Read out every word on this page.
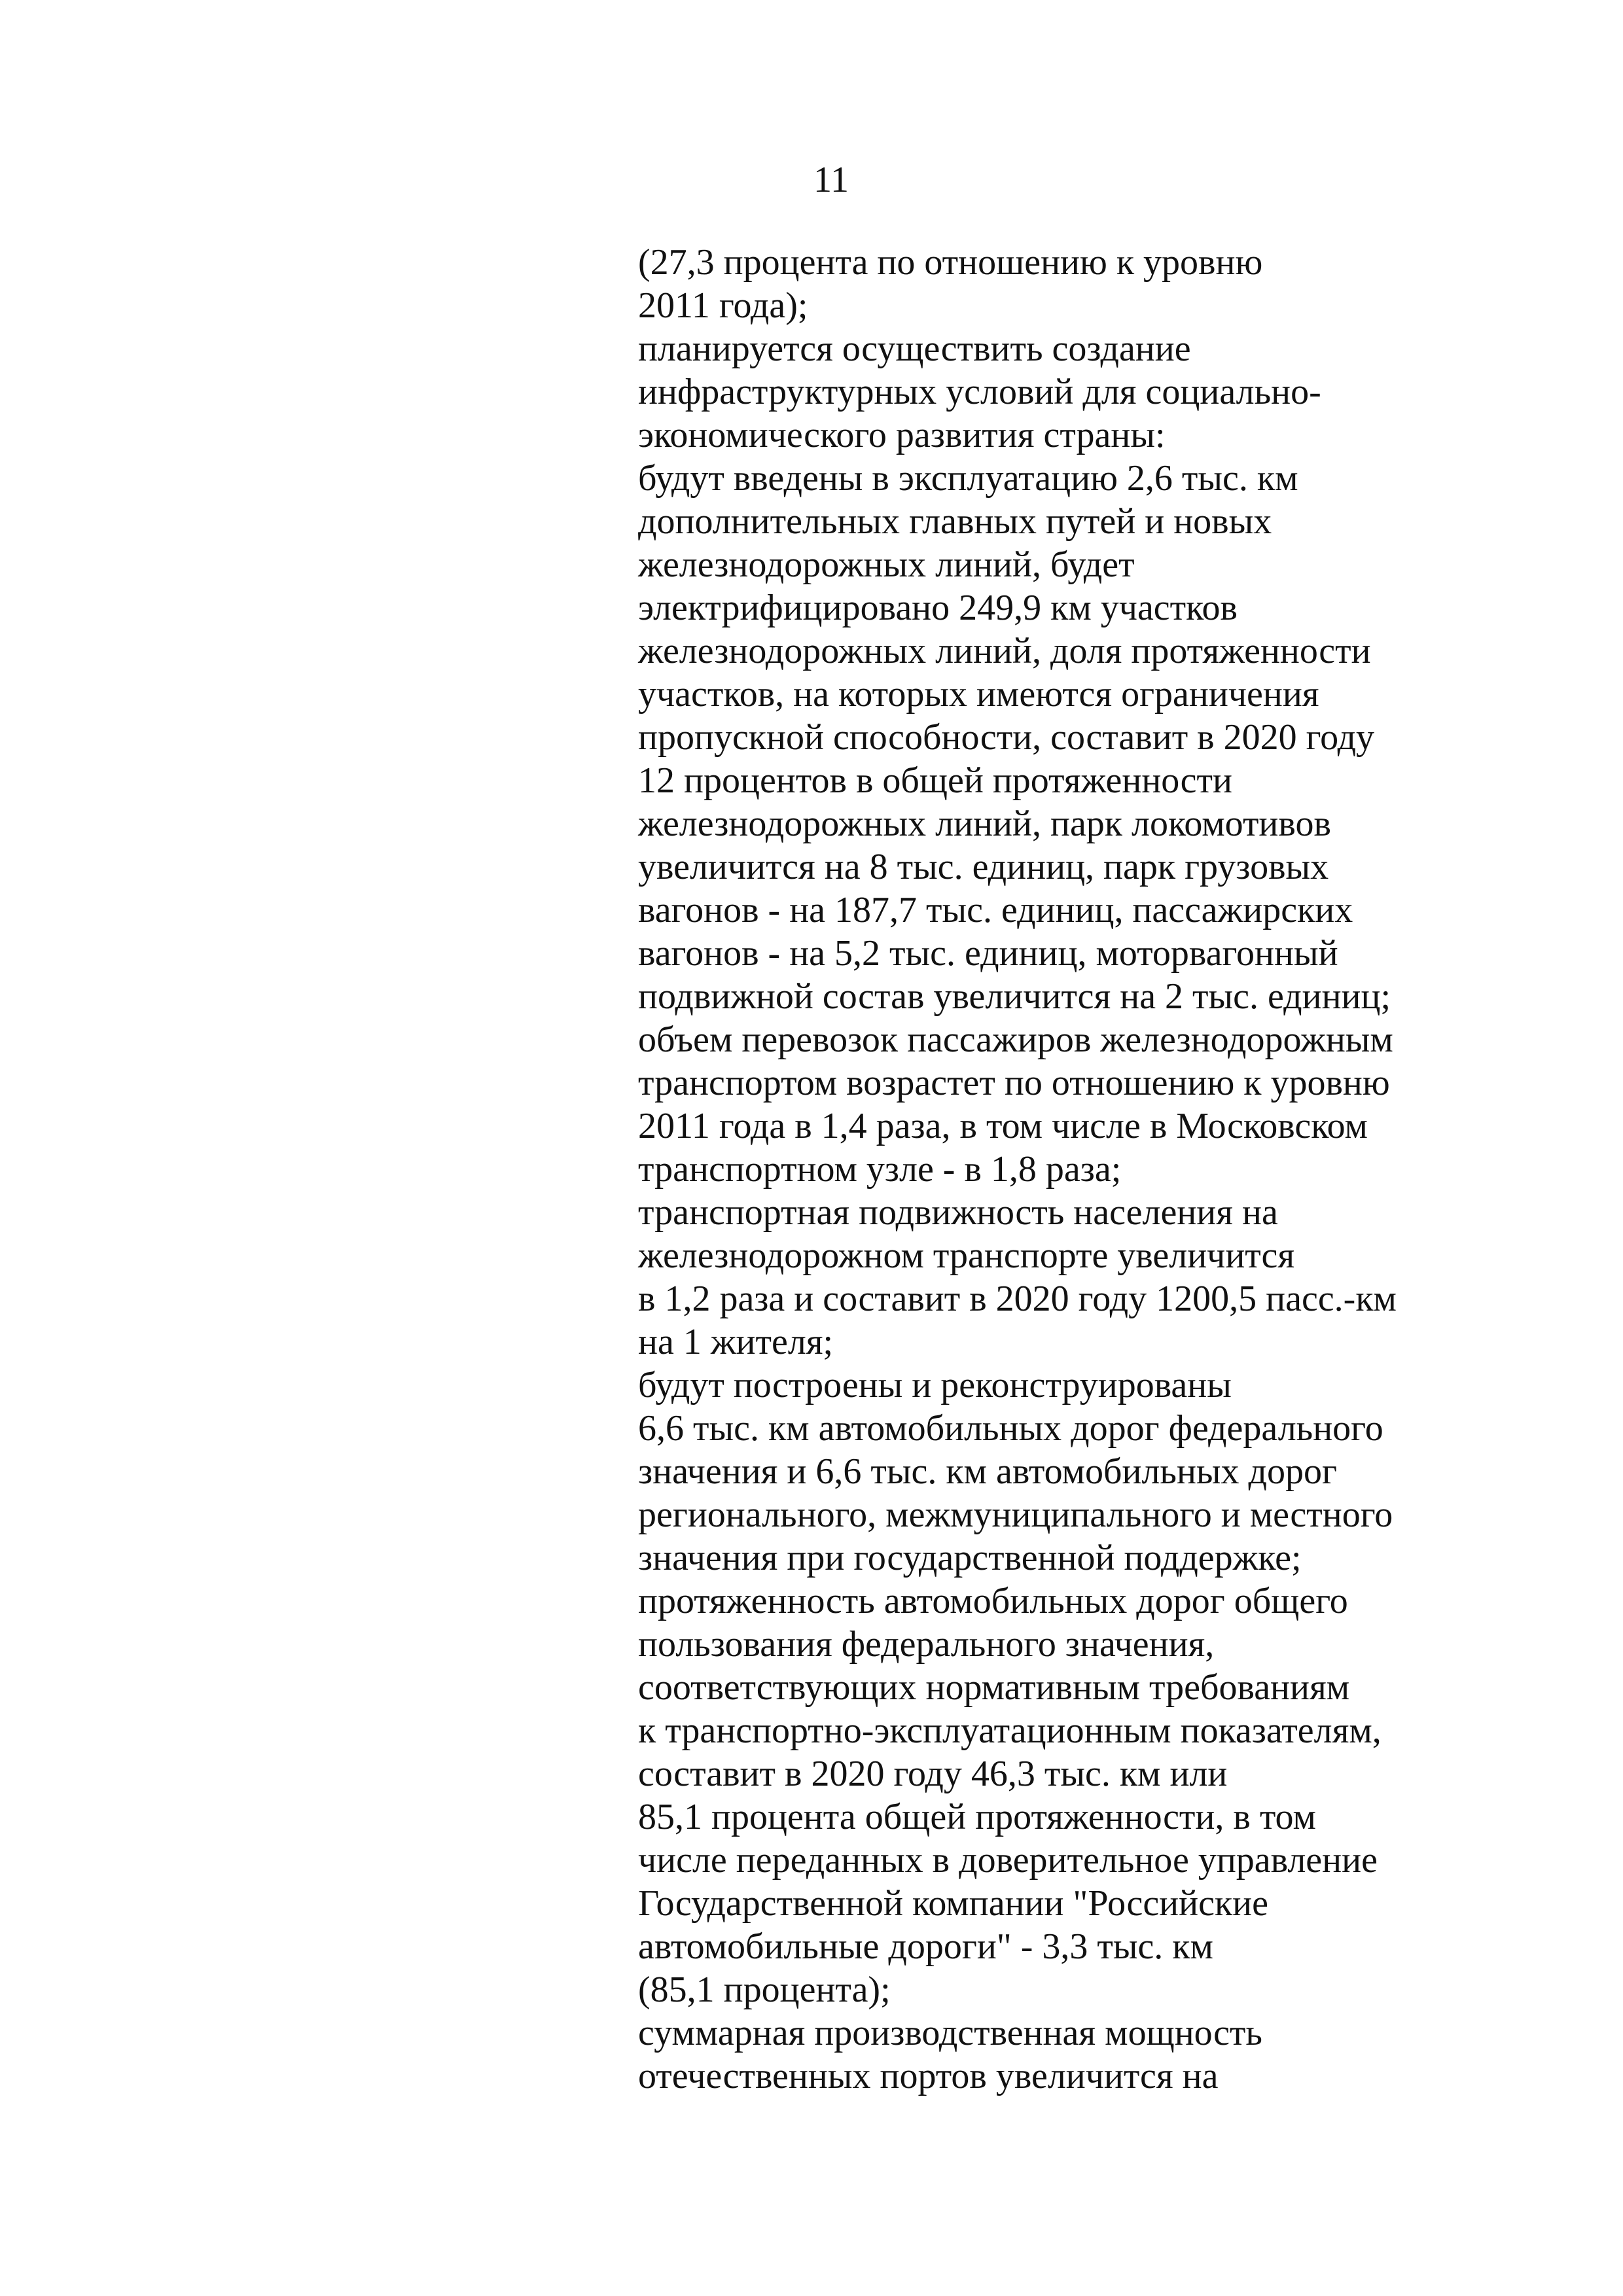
11
(27,3 процента по отношению к уровню
2011 года);
планируется осуществить создание
инфраструктурных условий для социально-
экономического развития страны:
будут введены в эксплуатацию 2,6 тыс. км
дополнительных главных путей и новых
железнодорожных линий, будет
электрифицировано 249,9 км участков
железнодорожных линий, доля протяженности
участков, на которых имеются ограничения
пропускной способности, составит в 2020 году
12 процентов в общей протяженности
железнодорожных линий, парк локомотивов
увеличится на 8 тыс. единиц, парк грузовых
вагонов - на 187,7 тыс. единиц, пассажирских
вагонов - на 5,2 тыс. единиц, моторвагонный
подвижной состав увеличится на 2 тыс. единиц;
объем перевозок пассажиров железнодорожным
транспортом возрастет по отношению к уровню
2011 года в 1,4 раза, в том числе в Московском
транспортном узле - в 1,8 раза;
транспортная подвижность населения на
железнодорожном транспорте увеличится
в 1,2 раза и составит в 2020 году 1200,5 пасс.-км
на 1 жителя;
будут построены и реконструированы
6,6 тыс. км автомобильных дорог федерального
значения и 6,6 тыс. км автомобильных дорог
регионального, межмуниципального и местного
значения при государственной поддержке;
протяженность автомобильных дорог общего
пользования федерального значения,
соответствующих нормативным требованиям
к транспортно-эксплуатационным показателям,
составит в 2020 году 46,3 тыс. км или
85,1 процента общей протяженности, в том
числе переданных в доверительное управление
Государственной компании "Российские
автомобильные дороги" - 3,3 тыс. км
(85,1 процента);
суммарная производственная мощность
отечественных портов увеличится на
